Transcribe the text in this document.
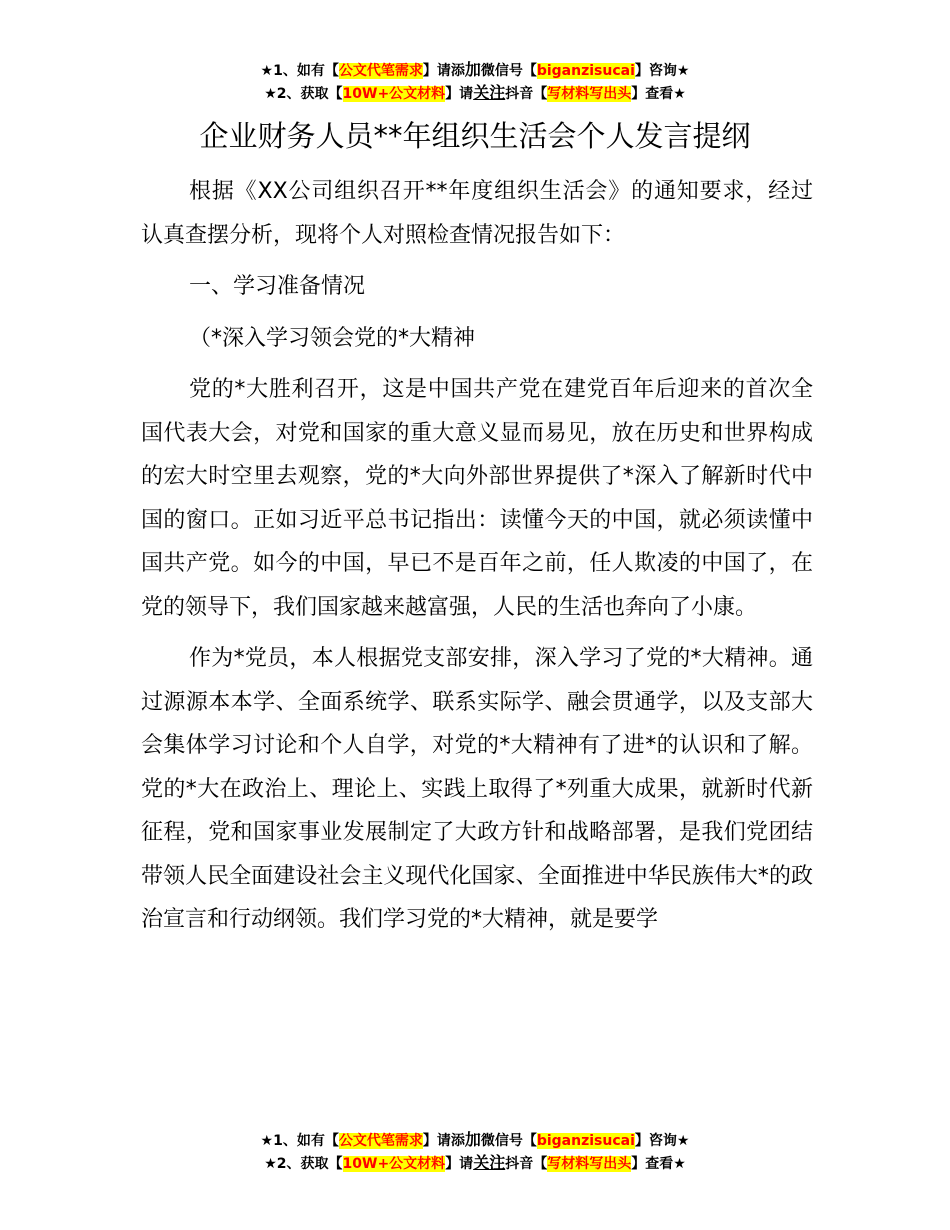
★1、如有【公文代笔需求】请添加微信号【biganzisucai】咨询★
★2、获取【10W+公文材料】请关注抖音【写材料写出头】查看★
企业财务人员**年组织生活会个人发言提纲

根据《XX公司组织召开**年度组织生活会》的通知要求，经过认真查摆分析，现将个人对照检查情况报告如下：

一、学习准备情况

（*深入学习领会党的*大精神

党的*大胜利召开，这是中国共产党在建党百年后迎来的首次全国代表大会，对党和国家的重大意义显而易见，放在历史和世界构成的宏大时空里去观察，党的*大向外部世界提供了*深入了解新时代中国的窗口。正如习近平总书记指出：读懂今天的中国，就必须读懂中国共产党。如今的中国，早已不是百年之前，任人欺凌的中国了，在党的领导下，我们国家越来越富强，人民的生活也奔向了小康。

作为*党员，本人根据党支部安排，深入学习了党的*大精神。通过源源本本学、全面系统学、联系实际学、融会贯通学，以及支部大会集体学习讨论和个人自学，对党的*大精神有了进*的认识和了解。党的*大在政治上、理论上、实践上取得了*列重大成果，就新时代新征程，党和国家事业发展制定了大政方针和战略部署，是我们党团结带领人民全面建设社会主义现代化国家、全面推进中华民族伟大*的政治宣言和行动纲领。我们学习党的*大精神，就是要学

★1、如有【公文代笔需求】请添加微信号【biganzisucai】咨询★
★2、获取【10W+公文材料】请关注抖音【写材料写出头】查看★
